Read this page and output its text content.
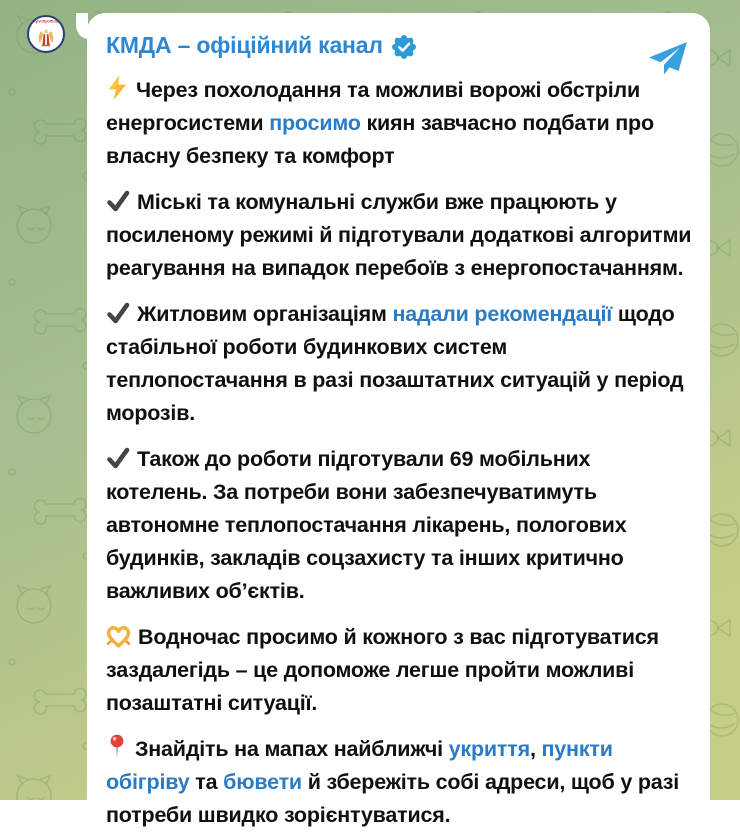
KyivCityOfficial
КМДА – офіційний канал

Через похолодання та можливі ворожі обстріли енергосистеми просимо киян завчасно подбати про власну безпеку та комфорт

Міські та комунальні служби вже працюють у посиленому режимі й підготували додаткові алгоритми реагування на випадок перебоїв з енергопостачанням.

Житловим організаціям надали рекомендації щодо стабільної роботи будинкових систем теплопостачання в разі позаштатних ситуацій у період морозів.

Також до роботи підготували 69 мобільних котелень. За потреби вони забезпечуватимуть автономне теплопостачання лікарень, пологових будинків, закладів соцзахисту та інших критично важливих об’єктів.

Водночас просимо й кожного з вас підготуватися заздалегідь – це допоможе легше пройти можливі позаштатні ситуації.

Знайдіть на мапах найближчі укриття, пункти обігріву та бювети й збережіть собі адреси, щоб у разі потреби швидко зорієнтуватися.
